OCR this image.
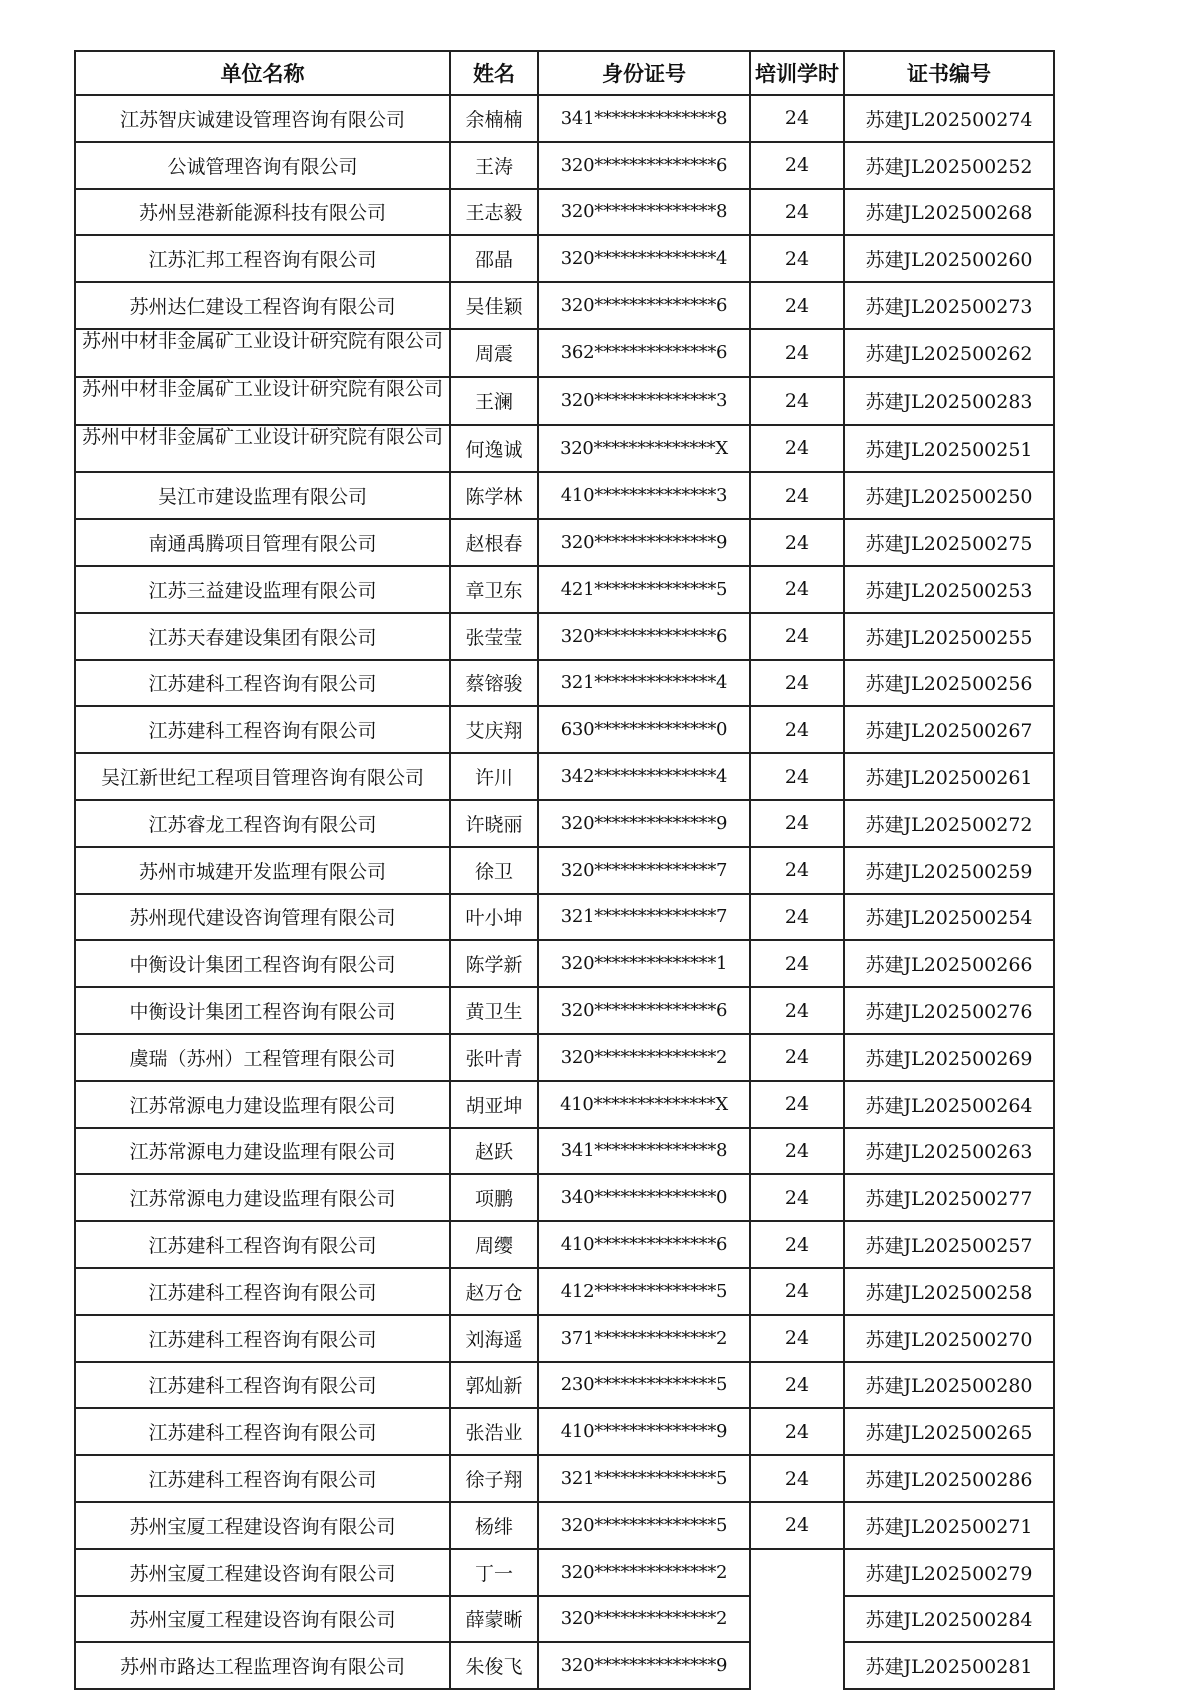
单位名称	姓名	身份证号	培训学时	证书编号
江苏智庆诚建设管理咨询有限公司	余楠楠	341**************8	24	苏建JL202500274
公诚管理咨询有限公司	王涛	320**************6	24	苏建JL202500252
苏州昱港新能源科技有限公司	王志毅	320**************8	24	苏建JL202500268
江苏汇邦工程咨询有限公司	邵晶	320**************4	24	苏建JL202500260
苏州达仁建设工程咨询有限公司	吴佳颖	320**************6	24	苏建JL202500273
苏州中材非金属矿工业设计研究院有限公司	周震	362**************6	24	苏建JL202500262
苏州中材非金属矿工业设计研究院有限公司	王澜	320**************3	24	苏建JL202500283
苏州中材非金属矿工业设计研究院有限公司	何逸诚	320**************X	24	苏建JL202500251
吴江市建设监理有限公司	陈学林	410**************3	24	苏建JL202500250
南通禹腾项目管理有限公司	赵根春	320**************9	24	苏建JL202500275
江苏三益建设监理有限公司	章卫东	421**************5	24	苏建JL202500253
江苏天春建设集团有限公司	张莹莹	320**************6	24	苏建JL202500255
江苏建科工程咨询有限公司	蔡镕骏	321**************4	24	苏建JL202500256
江苏建科工程咨询有限公司	艾庆翔	630**************0	24	苏建JL202500267
吴江新世纪工程项目管理咨询有限公司	许川	342**************4	24	苏建JL202500261
江苏睿龙工程咨询有限公司	许晓丽	320**************9	24	苏建JL202500272
苏州市城建开发监理有限公司	徐卫	320**************7	24	苏建JL202500259
苏州现代建设咨询管理有限公司	叶小坤	321**************7	24	苏建JL202500254
中衡设计集团工程咨询有限公司	陈学新	320**************1	24	苏建JL202500266
中衡设计集团工程咨询有限公司	黄卫生	320**************6	24	苏建JL202500276
虞瑞（苏州）工程管理有限公司	张叶青	320**************2	24	苏建JL202500269
江苏常源电力建设监理有限公司	胡亚坤	410**************X	24	苏建JL202500264
江苏常源电力建设监理有限公司	赵跃	341**************8	24	苏建JL202500263
江苏常源电力建设监理有限公司	项鹏	340**************0	24	苏建JL202500277
江苏建科工程咨询有限公司	周缨	410**************6	24	苏建JL202500257
江苏建科工程咨询有限公司	赵万仓	412**************5	24	苏建JL202500258
江苏建科工程咨询有限公司	刘海遥	371**************2	24	苏建JL202500270
江苏建科工程咨询有限公司	郭灿新	230**************5	24	苏建JL202500280
江苏建科工程咨询有限公司	张浩业	410**************9	24	苏建JL202500265
江苏建科工程咨询有限公司	徐子翔	321**************5	24	苏建JL202500286
苏州宝厦工程建设咨询有限公司	杨绯	320**************5	24	苏建JL202500271
苏州宝厦工程建设咨询有限公司	丁一	320**************2		苏建JL202500279
苏州宝厦工程建设咨询有限公司	薛蒙晰	320**************2		苏建JL202500284
苏州市路达工程监理咨询有限公司	朱俊飞	320**************9		苏建JL202500281
